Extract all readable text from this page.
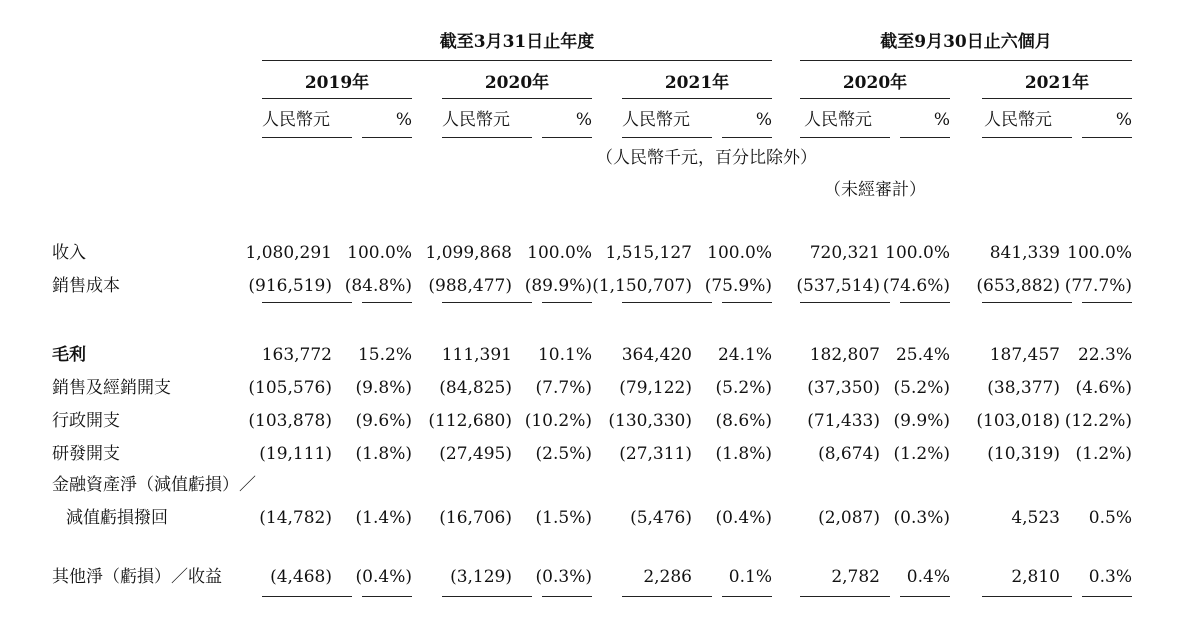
截至3月31日止年度	截至9月30日止六個月
2019年	2020年	2021年	2020年	2021年
人民幣元	% 人民幣元	% 人民幣元	% 人民幣元	% 人民幣元	%
（人民幣千元，百分比除外）
（未經審計）
收入	1,080,291 100.0% 1,099,868 100.0% 1,515,127 100.0%	720,321 100.0%	841,339 100.0%
銷售成本	(916,519) (84.8%) (988,477) (89.9%) (1,150,707) (75.9%)	(537,514) (74.6%)	(653,882) (77.7%)
毛利	163,772	15.2%	111,391	10.1%	364,420	24.1%	182,807 25.4%	187,457	22.3%
銷售及經銷開支	(105,576)	(9.8%)	(84,825)	(7.7%)	(79,122)	(5.2%)	(37,350) (5.2%)	(38,377) (4.6%)
行政開支	(103,878)	(9.6%) (112,680) (10.2%) (130,330)	(8.6%)	(71,433) (9.9%)	(103,018) (12.2%)
研發開支	(19,111)	(1.8%)	(27,495)	(2.5%)	(27,311)	(1.8%)	(8,674) (1.2%)	(10,319) (1.2%)
金融資產淨（減值虧損）／
減值虧損撥回	(14,782)	(1.4%)	(16,706)	(1.5%)	(5,476)	(0.4%)	(2,087) (0.3%)	4,523	0.5%
其他淨（虧損）／收益	(4,468)	(0.4%)	(3,129)	(0.3%)	2,286	0.1%	2,782	0.4%	2,810	0.3%
